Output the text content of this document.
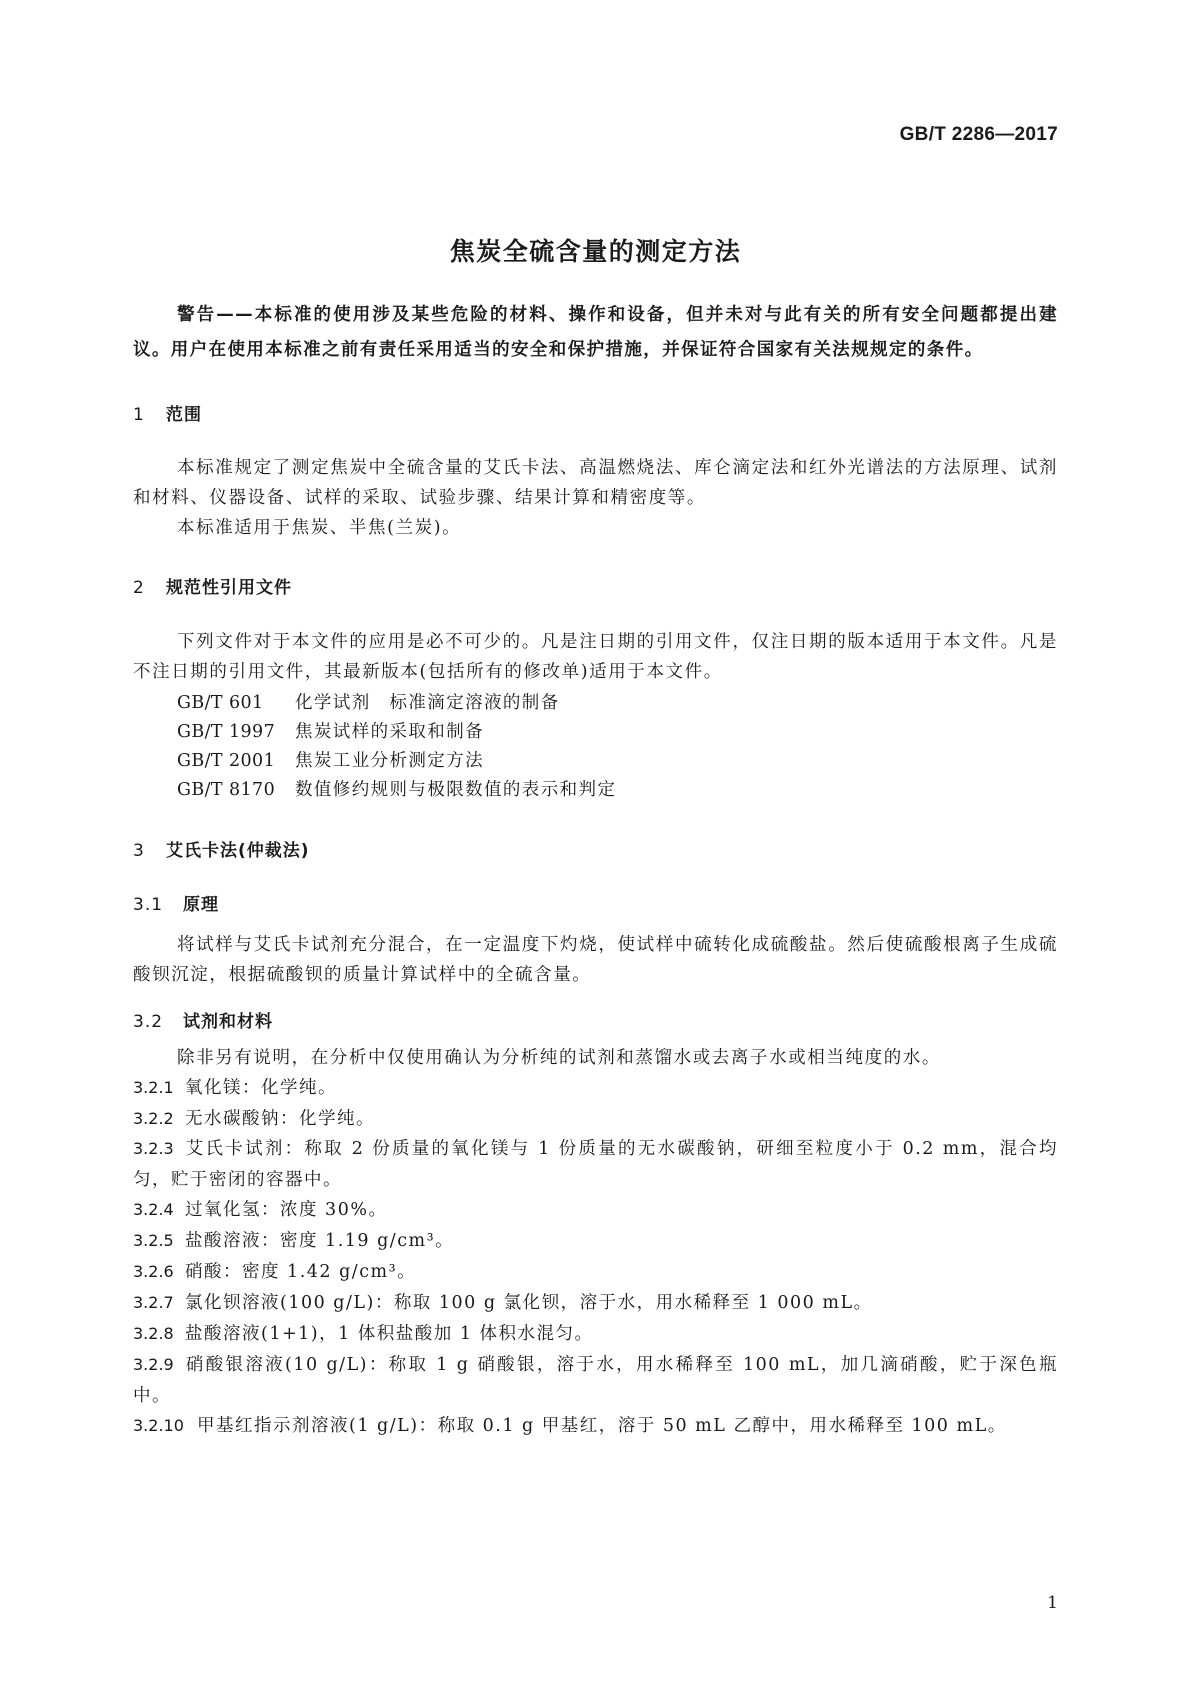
GB/T 2286—2017
焦炭全硫含量的测定方法
警告——本标准的使用涉及某些危险的材料、操作和设备，但并未对与此有关的所有安全问题都提出建议。用户在使用本标准之前有责任采用适当的安全和保护措施，并保证符合国家有关法规规定的条件。
1 范围
本标准规定了测定焦炭中全硫含量的艾氏卡法、高温燃烧法、库仑滴定法和红外光谱法的方法原理、试剂和材料、仪器设备、试样的采取、试验步骤、结果计算和精密度等。
本标准适用于焦炭、半焦(兰炭)。
2 规范性引用文件
下列文件对于本文件的应用是必不可少的。凡是注日期的引用文件，仅注日期的版本适用于本文件。凡是不注日期的引用文件，其最新版本(包括所有的修改单)适用于本文件。
GB/T 601 化学试剂　标准滴定溶液的制备
GB/T 1997 焦炭试样的采取和制备
GB/T 2001 焦炭工业分析测定方法
GB/T 8170 数值修约规则与极限数值的表示和判定
3 艾氏卡法(仲裁法)
3.1 原理
将试样与艾氏卡试剂充分混合，在一定温度下灼烧，使试样中硫转化成硫酸盐。然后使硫酸根离子生成硫酸钡沉淀，根据硫酸钡的质量计算试样中的全硫含量。
3.2 试剂和材料
除非另有说明，在分析中仅使用确认为分析纯的试剂和蒸馏水或去离子水或相当纯度的水。
3.2.1 氧化镁：化学纯。
3.2.2 无水碳酸钠：化学纯。
3.2.3 艾氏卡试剂：称取 2 份质量的氧化镁与 1 份质量的无水碳酸钠，研细至粒度小于 0.2 mm，混合均匀，贮于密闭的容器中。
3.2.4 过氧化氢：浓度 30%。
3.2.5 盐酸溶液：密度 1.19 g/cm³。
3.2.6 硝酸：密度 1.42 g/cm³。
3.2.7 氯化钡溶液(100 g/L)：称取 100 g 氯化钡，溶于水，用水稀释至 1 000 mL。
3.2.8 盐酸溶液(1+1)，1 体积盐酸加 1 体积水混匀。
3.2.9 硝酸银溶液(10 g/L)：称取 1 g 硝酸银，溶于水，用水稀释至 100 mL，加几滴硝酸，贮于深色瓶中。
3.2.10 甲基红指示剂溶液(1 g/L)：称取 0.1 g 甲基红，溶于 50 mL 乙醇中，用水稀释至 100 mL。
1
